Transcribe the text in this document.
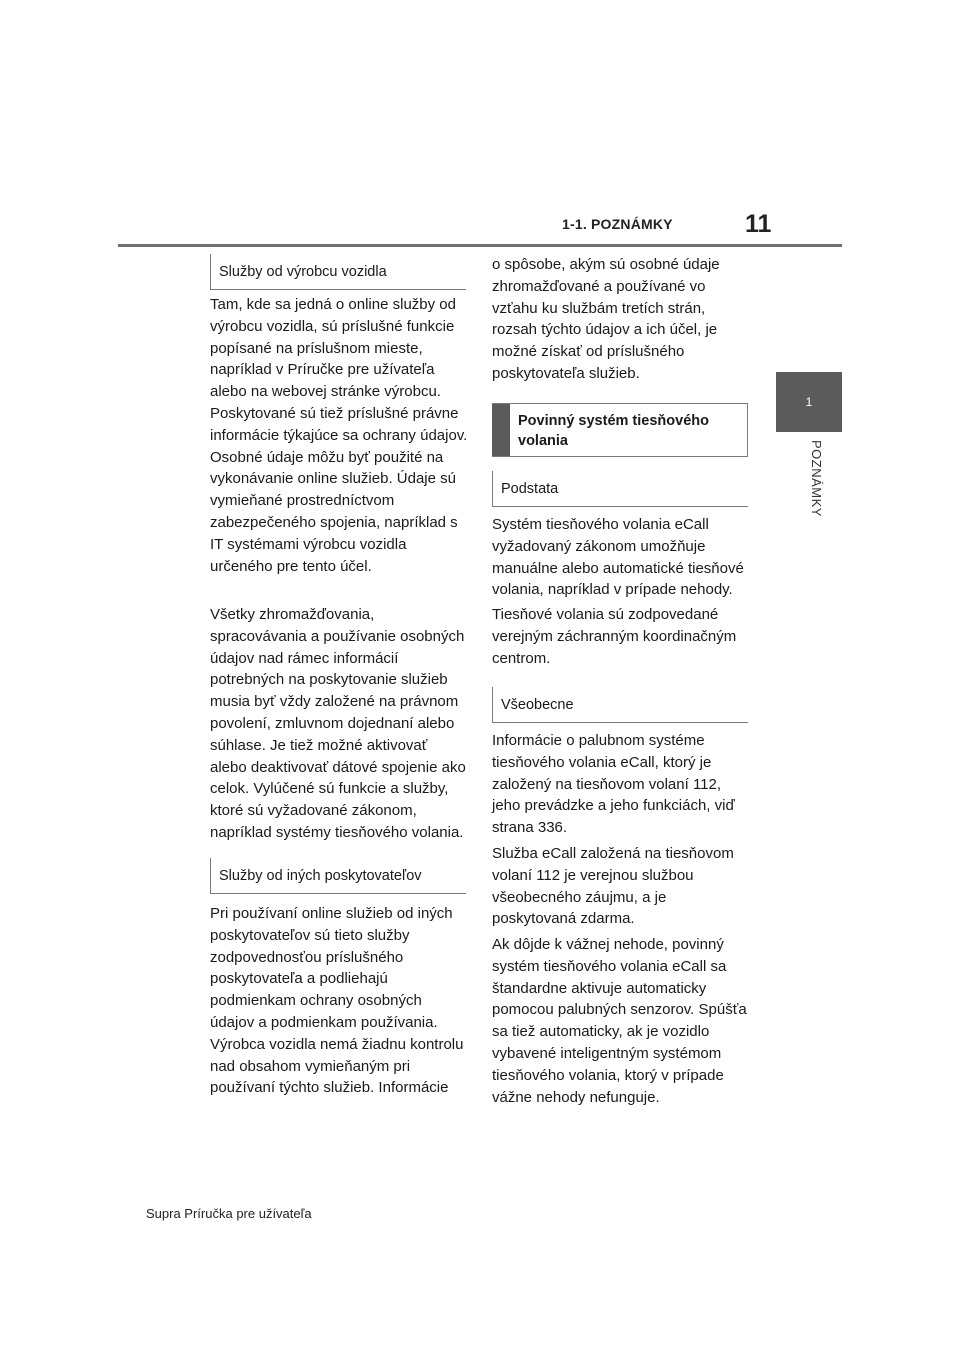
1-1. POZNÁMKY	11
1
POZNÁMKY
Služby od výrobcu vozidla

Tam, kde sa jedná o online služby od výrobcu vozidla, sú príslušné funkcie popísané na príslušnom mieste, napríklad v Príručke pre užívateľa alebo na webovej stránke výrobcu. Poskytované sú tiež príslušné právne informácie týkajúce sa ochrany údajov. Osobné údaje môžu byť použité na vykonávanie online služieb. Údaje sú vymieňané prostredníctvom zabezpečeného spojenia, napríklad s IT systémami výrobcu vozidla určeného pre tento účel.

Všetky zhromažďovania, spracovávania a používanie osobných údajov nad rámec informácií potrebných na poskytovanie služieb musia byť vždy založené na právnom povolení, zmluvnom dojednaní alebo súhlase. Je tiež možné aktivovať alebo deaktivovať dátové spojenie ako celok. Vylúčené sú funkcie a služby, ktoré sú vyžadované zákonom, napríklad systémy tiesňového volania.

Služby od iných poskytovateľov

Pri používaní online služieb od iných poskytovateľov sú tieto služby zodpovednosťou príslušného poskytovateľa a podliehajú podmienkam ochrany osobných údajov a podmienkam používania. Výrobca vozidla nemá žiadnu kontrolu nad obsahom vymieňaným pri používaní týchto služieb. Informácie

o spôsobe, akým sú osobné údaje zhromažďované a používané vo vzťahu ku službám tretích strán, rozsah týchto údajov a ich účel, je možné získať od príslušného poskytovateľa služieb.

Povinný systém tiesňového volania
Podstata

Systém tiesňového volania eCall vyžadovaný zákonom umožňuje manuálne alebo automatické tiesňové volania, napríklad v prípade nehody.

Tiesňové volania sú zodpovedané verejným záchranným koordinačným centrom.

Všeobecne

Informácie o palubnom systéme tiesňového volania eCall, ktorý je založený na tiesňovom volaní 112, jeho prevádzke a jeho funkciách, viď strana 336.

Služba eCall založená na tiesňovom volaní 112 je verejnou službou všeobecného záujmu, a je poskytovaná zdarma.

Ak dôjde k vážnej nehode, povinný systém tiesňového volania eCall sa štandardne aktivuje automaticky pomocou palubných senzorov. Spúšťa sa tiež automaticky, ak je vozidlo vybavené inteligentným systémom tiesňového volania, ktorý v prípade vážne nehody nefunguje.

Supra Príručka pre užívateľa
